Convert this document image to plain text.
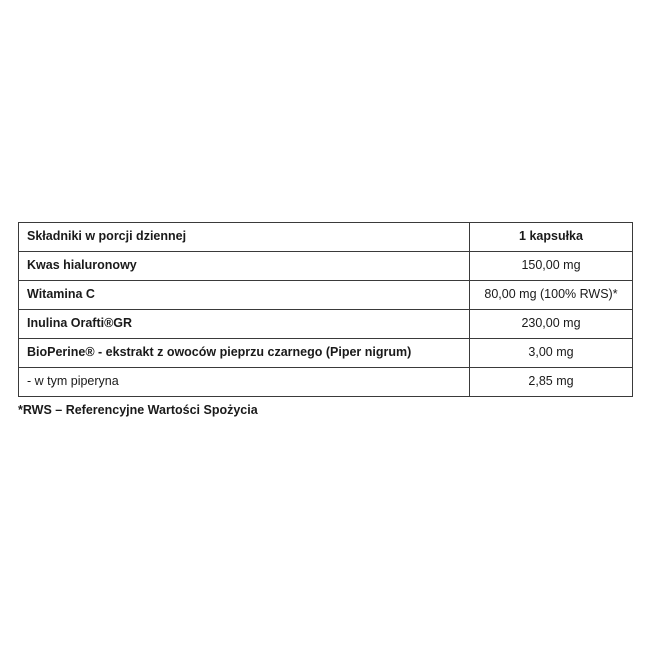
Składniki w porcji dziennej	1 kapsułka
Kwas hialuronowy	150,00 mg
Witamina C	80,00 mg (100% RWS)*
Inulina Orafti®GR	230,00 mg
BioPerine® - ekstrakt z owoców pieprzu czarnego (Piper nigrum)	3,00 mg
- w tym piperyna	2,85 mg
*RWS – Referencyjne Wartości Spożycia
